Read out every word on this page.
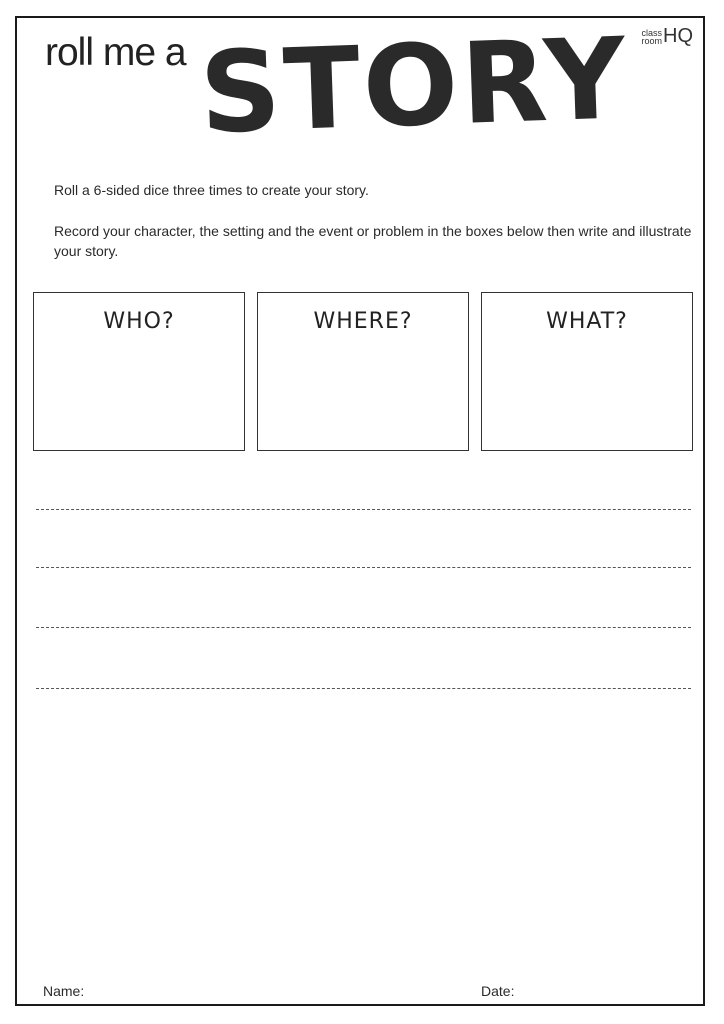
roll me a STORY class
room HQ
Roll a 6-sided dice three times to create your story.
Record your character, the setting and the event or problem in the boxes below then write and illustrate your story.
WHO?	WHERE?	WHAT?
Name:	Date:
